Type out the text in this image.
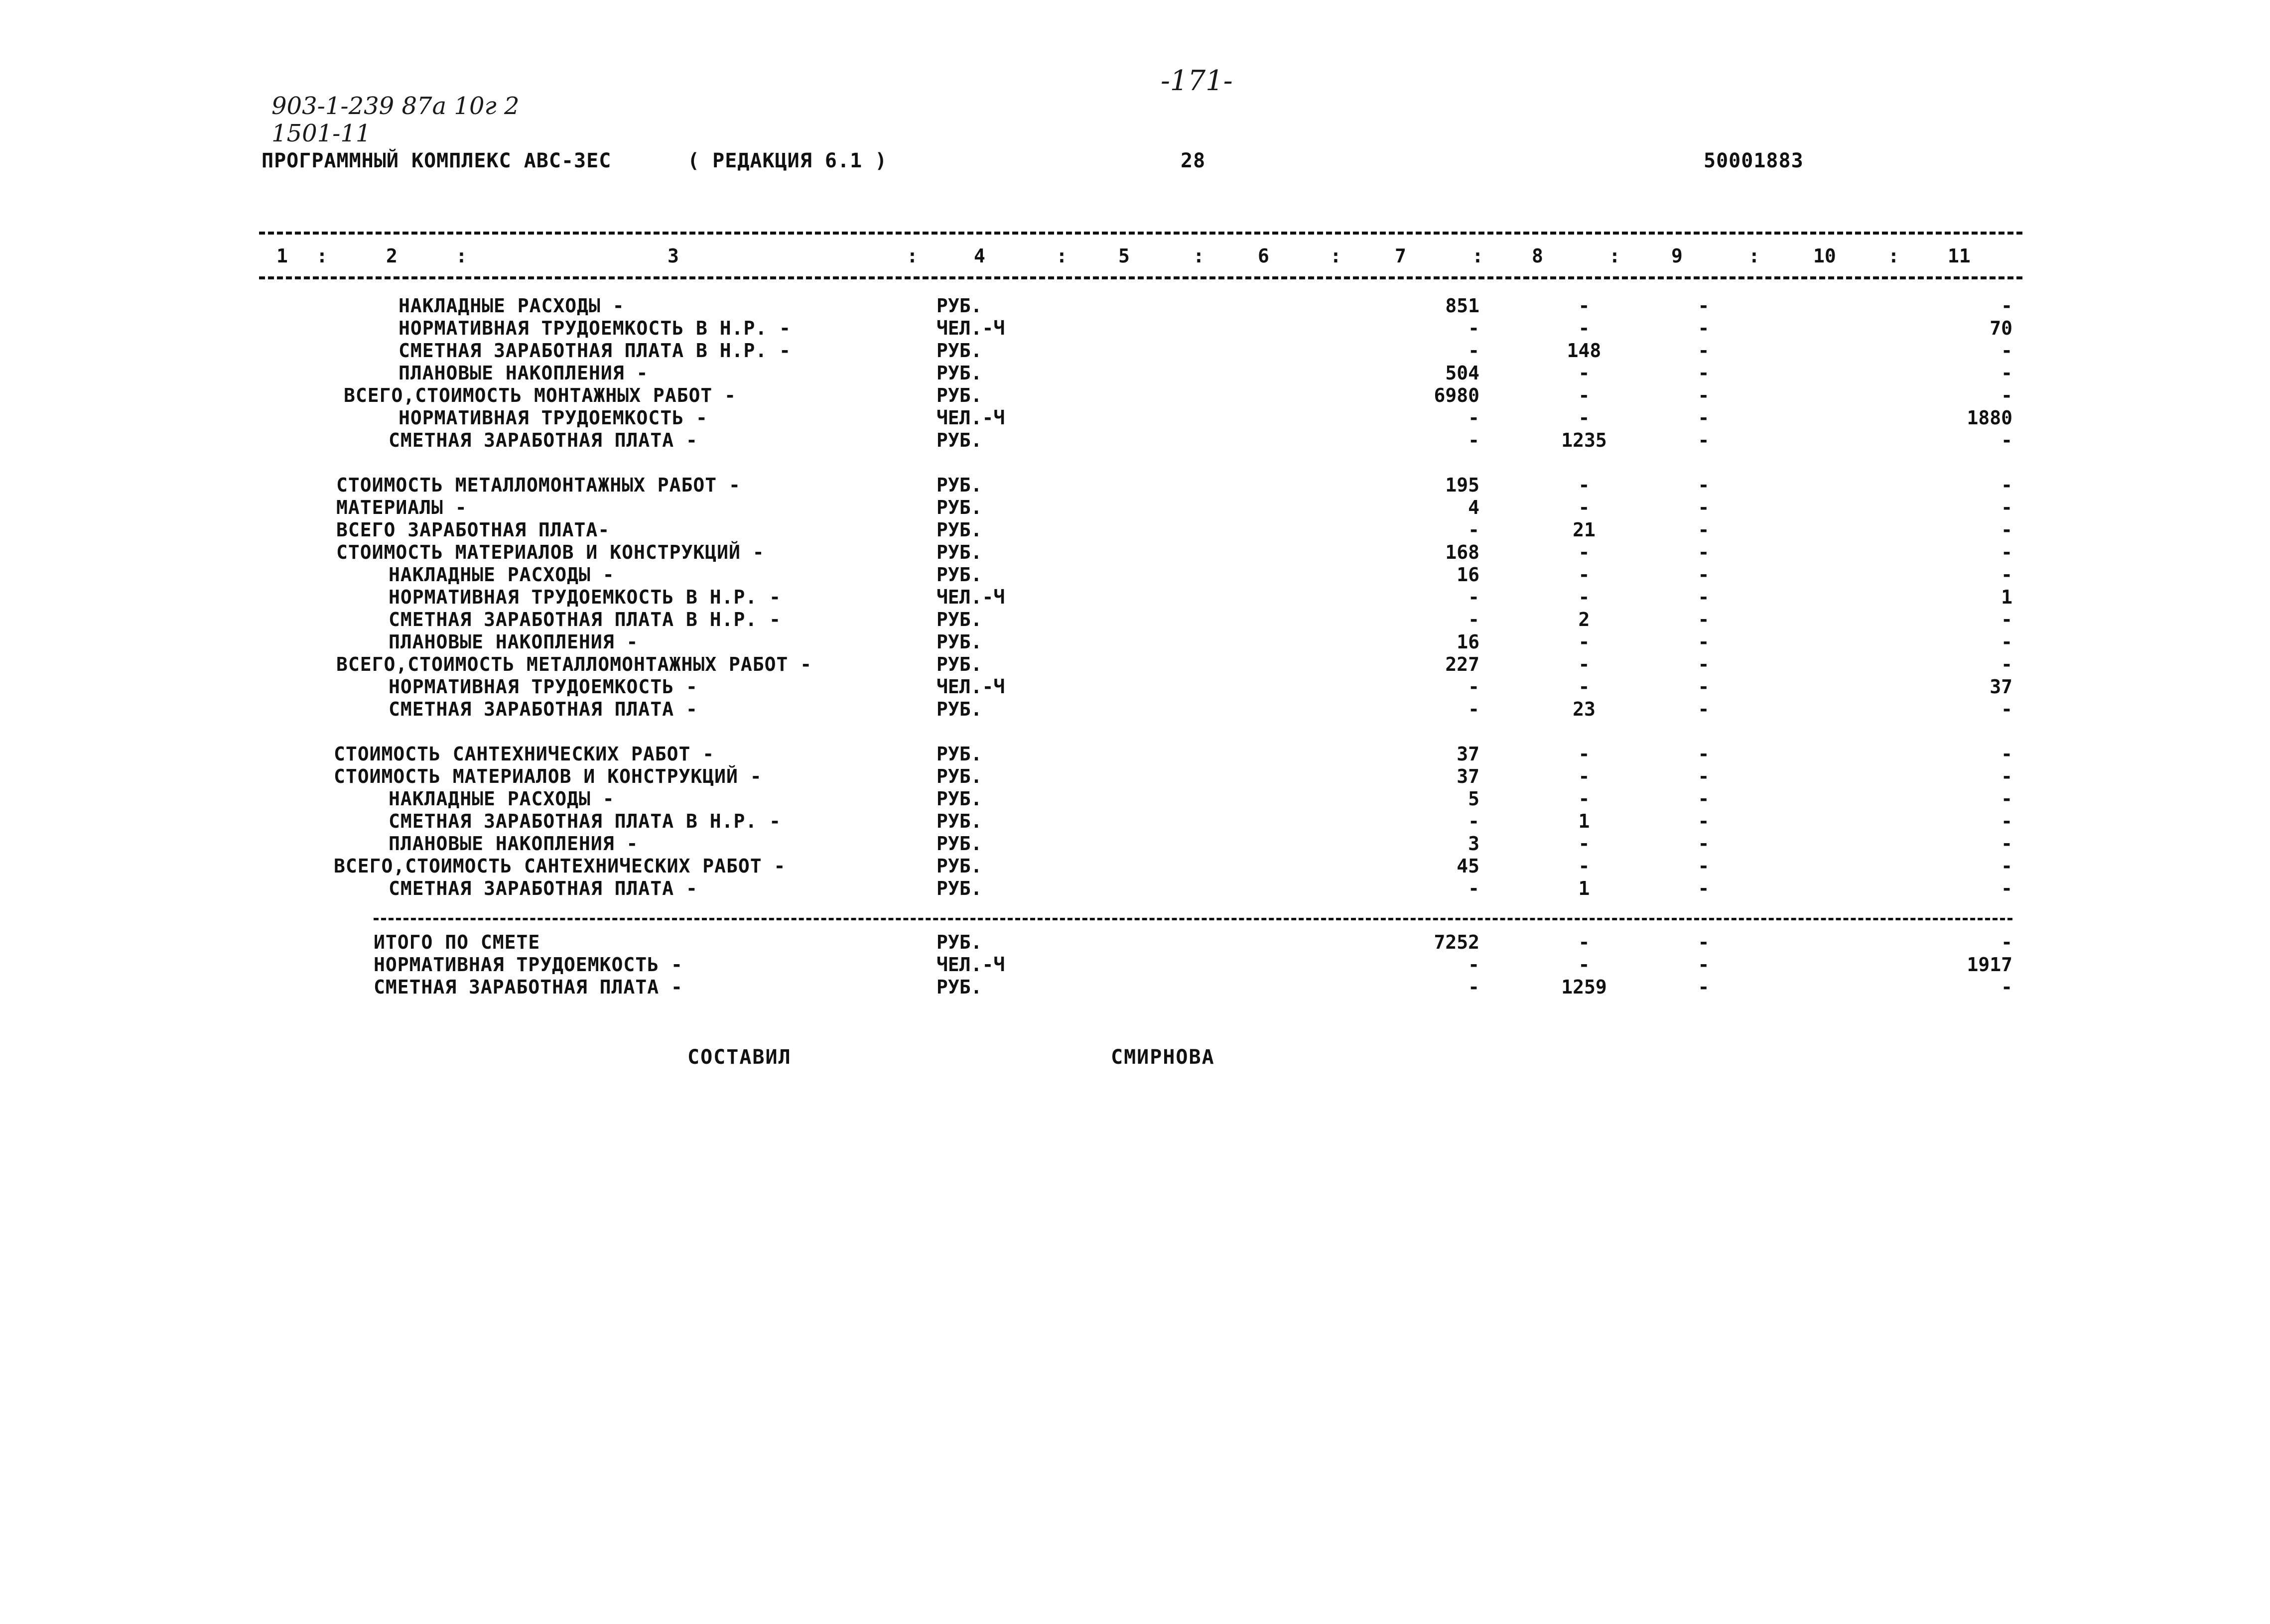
-171-
903-1-239 87а 10г 2
1501-11
ПРОГРАММНЫЙ КОМПЛЕКС АВС-3ЕС	( РЕДАКЦИЯ 6.1 )	28	50001883
1	2	3	4	5	6	7	8	9	10	11
:	:	:	:	:	:	:	:	:	:
НАКЛАДНЫЕ РАСХОДЫ -	РУБ.	851	-	-	-
НОРМАТИВНАЯ ТРУДОЕМКОСТЬ В Н.Р. -	ЧЕЛ.-Ч	-	-	-	70
СМЕТНАЯ ЗАРАБОТНАЯ ПЛАТА В Н.Р. -	РУБ.	-	148	-	-
ПЛАНОВЫЕ НАКОПЛЕНИЯ -	РУБ.	504	-	-	-
ВСЕГО,СТОИМОСТЬ МОНТАЖНЫХ РАБОТ -	РУБ.	6980	-	-	-
НОРМАТИВНАЯ ТРУДОЕМКОСТЬ -	ЧЕЛ.-Ч	-	-	-	1880
СМЕТНАЯ ЗАРАБОТНАЯ ПЛАТА -	РУБ.	-	1235	-	-
СТОИМОСТЬ МЕТАЛЛОМОНТАЖНЫХ РАБОТ -	РУБ.	195	-	-	-
МАТЕРИАЛЫ -	РУБ.	4	-	-	-
ВСЕГО ЗАРАБОТНАЯ ПЛАТА-	РУБ.	-	21	-	-
СТОИМОСТЬ МАТЕРИАЛОВ И КОНСТРУКЦИЙ -	РУБ.	168	-	-	-
НАКЛАДНЫЕ РАСХОДЫ -	РУБ.	16	-	-	-
НОРМАТИВНАЯ ТРУДОЕМКОСТЬ В Н.Р. -	ЧЕЛ.-Ч	-	-	-	1
СМЕТНАЯ ЗАРАБОТНАЯ ПЛАТА В Н.Р. -	РУБ.	-	2	-	-
ПЛАНОВЫЕ НАКОПЛЕНИЯ -	РУБ.	16	-	-	-
ВСЕГО,СТОИМОСТЬ МЕТАЛЛОМОНТАЖНЫХ РАБОТ -	РУБ.	227	-	-	-
НОРМАТИВНАЯ ТРУДОЕМКОСТЬ -	ЧЕЛ.-Ч	-	-	-	37
СМЕТНАЯ ЗАРАБОТНАЯ ПЛАТА -	РУБ.	-	23	-	-
СТОИМОСТЬ САНТЕХНИЧЕСКИХ РАБОТ -	РУБ.	37	-	-	-
СТОИМОСТЬ МАТЕРИАЛОВ И КОНСТРУКЦИЙ -	РУБ.	37	-	-	-
НАКЛАДНЫЕ РАСХОДЫ -	РУБ.	5	-	-	-
СМЕТНАЯ ЗАРАБОТНАЯ ПЛАТА В Н.Р. -	РУБ.	-	1	-	-
ПЛАНОВЫЕ НАКОПЛЕНИЯ -	РУБ.	3	-	-	-
ВСЕГО,СТОИМОСТЬ САНТЕХНИЧЕСКИХ РАБОТ -	РУБ.	45	-	-	-
СМЕТНАЯ ЗАРАБОТНАЯ ПЛАТА -	РУБ.	-	1	-	-
ИТОГО ПО СМЕТЕ	РУБ.	7252	-	-	-
НОРМАТИВНАЯ ТРУДОЕМКОСТЬ -	ЧЕЛ.-Ч	-	-	-	1917
СМЕТНАЯ ЗАРАБОТНАЯ ПЛАТА -	РУБ.	-	1259	-	-
СОСТАВИЛ	СМИРНОВА
